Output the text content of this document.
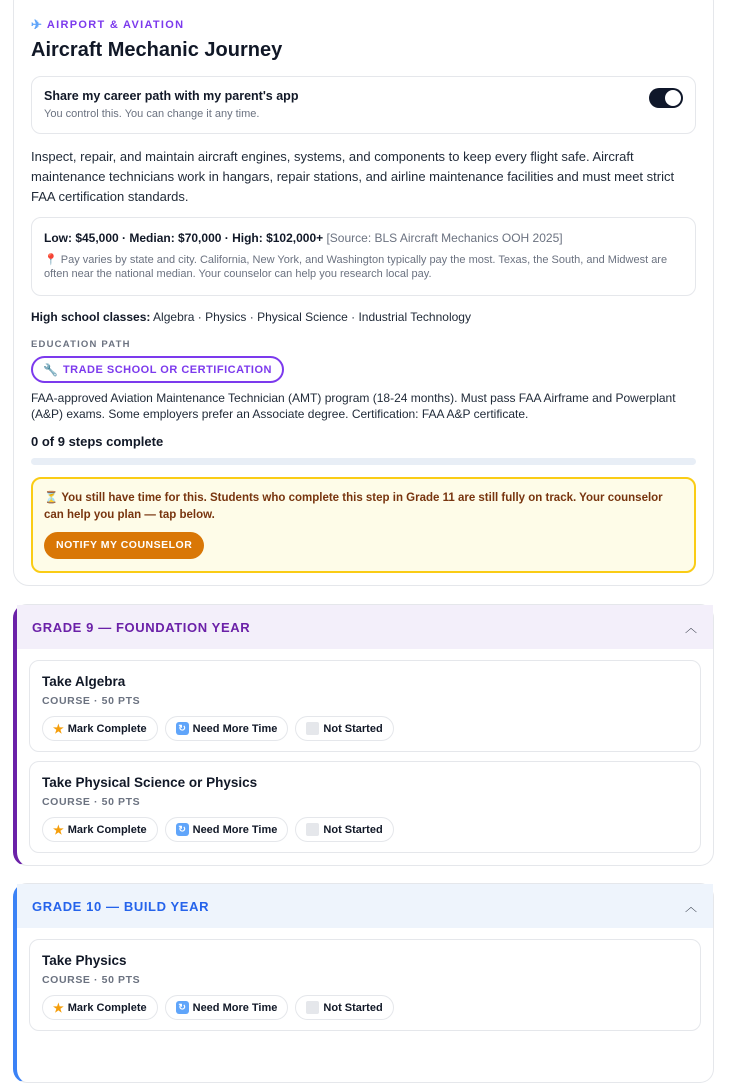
✈ AIRPORT & AVIATION
Aircraft Mechanic Journey
Share my career path with my parent's app
You control this. You can change it any time.
Inspect, repair, and maintain aircraft engines, systems, and components to keep every flight safe. Aircraft maintenance technicians work in hangars, repair stations, and airline maintenance facilities and must meet strict FAA certification standards.
Low: $45,000 · Median: $70,000 · High: $102,000+ [Source: BLS Aircraft Mechanics OOH 2025]
📍 Pay varies by state and city. California, New York, and Washington typically pay the most. Texas, the South, and Midwest are often near the national median. Your counselor can help you research local pay.
High school classes: Algebra · Physics · Physical Science · Industrial Technology
EDUCATION PATH
🔧 TRADE SCHOOL OR CERTIFICATION
FAA-approved Aviation Maintenance Technician (AMT) program (18-24 months). Must pass FAA Airframe and Powerplant (A&P) exams. Some employers prefer an Associate degree. Certification: FAA A&P certificate.
0 of 9 steps complete
⏳ You still have time for this. Students who complete this step in Grade 11 are still fully on track. Your counselor can help you plan — tap below.
NOTIFY MY COUNSELOR
GRADE 9 — FOUNDATION YEAR	︿
Take Algebra
COURSE · 50 PTS
★ Mark Complete	↻ Need More Time	Not Started
Take Physical Science or Physics
COURSE · 50 PTS
★ Mark Complete	↻ Need More Time	Not Started
GRADE 10 — BUILD YEAR	︿
Take Physics
COURSE · 50 PTS
★ Mark Complete	↻ Need More Time	Not Started
